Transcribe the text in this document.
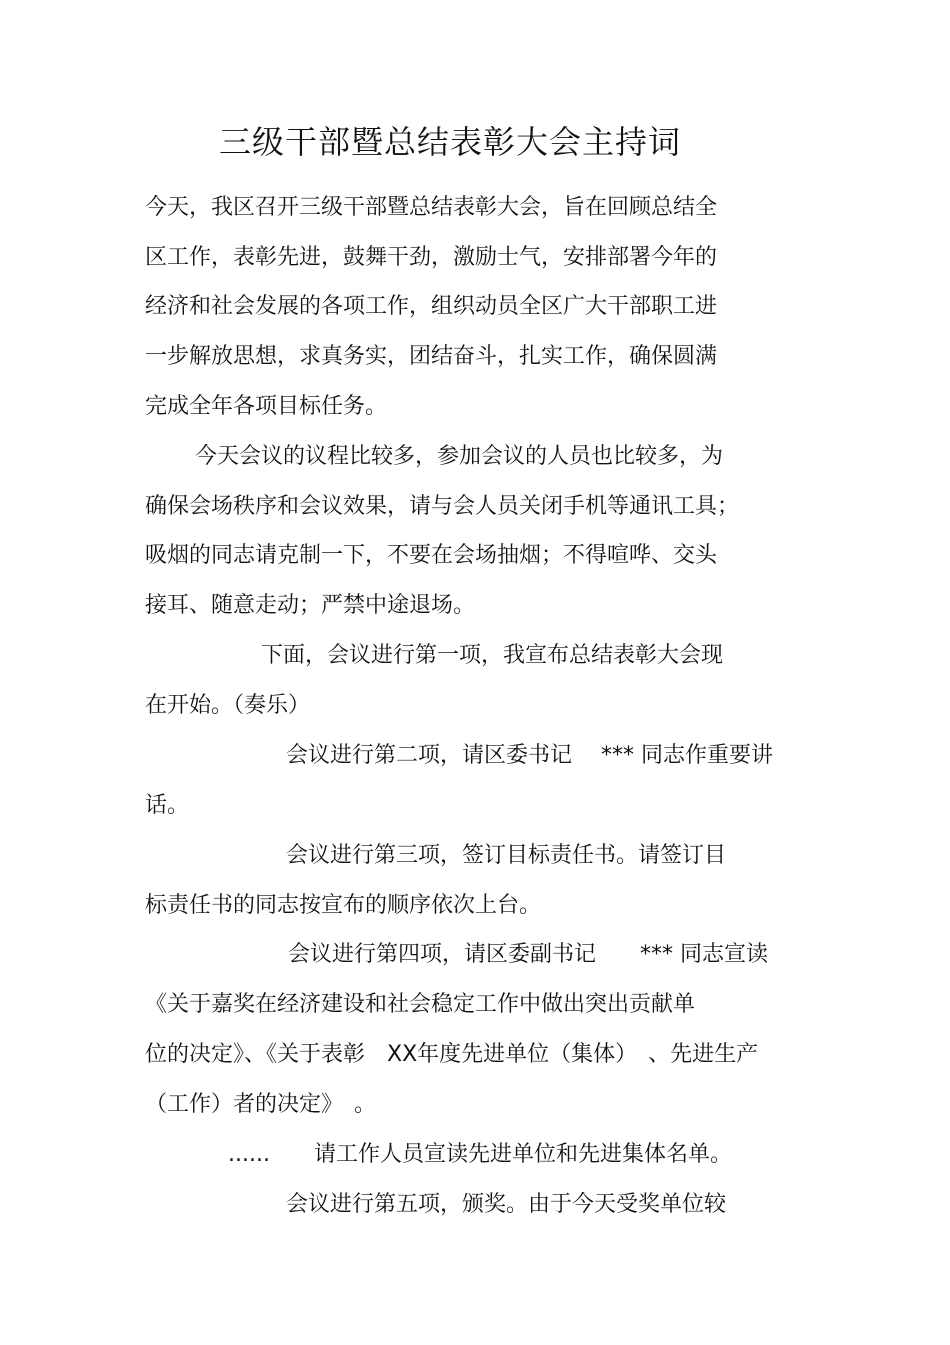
三级干部暨总结表彰大会主持词
今天，我区召开三级干部暨总结表彰大会，旨在回顾总结全
区工作，表彰先进，鼓舞干劲，激励士气，安排部署今年的
经济和社会发展的各项工作，组织动员全区广大干部职工进
一步解放思想，求真务实，团结奋斗，扎实工作，确保圆满
完成全年各项目标任务。
今天会议的议程比较多，参加会议的人员也比较多，为
确保会场秩序和会议效果，请与会人员关闭手机等通讯工具；
吸烟的同志请克制一下，不要在会场抽烟；不得喧哗、交头
接耳、随意走动；严禁中途退场。
下面，会议进行第一项，我宣布总结表彰大会现
在开始。（奏乐）
会议进行第二项，请区委书记　 *** 同志作重要讲
话。
会议进行第三项，签订目标责任书。请签订目
标责任书的同志按宣布的顺序依次上台。
会议进行第四项，请区委副书记　　*** 同志宣读
《关于嘉奖在经济建设和社会稳定工作中做出突出贡献单
位的决定》、《关于表彰　XX年度先进单位（集体）　、先进生产
（工作）者的决定》　。
......　　请工作人员宣读先进单位和先进集体名单。
会议进行第五项，颁奖。由于今天受奖单位较
